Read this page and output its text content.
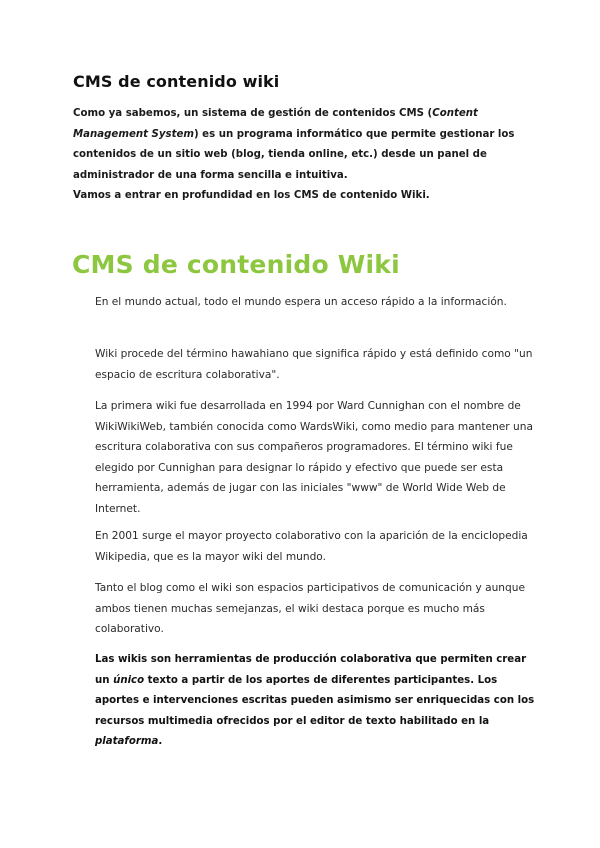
CMS de contenido wiki

Como ya sabemos, un sistema de gestión de contenidos CMS (Content Management System) es un programa informático que permite gestionar los contenidos de un sitio web (blog, tienda online, etc.) desde un panel de administrador de una forma sencilla e intuitiva.

Vamos a entrar en profundidad en los CMS de contenido Wiki.

CMS de contenido Wiki

En el mundo actual, todo el mundo espera un acceso rápido a la información.

Wiki procede del término hawahiano que significa rápido y está definido como "un espacio de escritura colaborativa".

La primera wiki fue desarrollada en 1994 por Ward Cunnighan con el nombre de WikiWikiWeb, también conocida como WardsWiki, como medio para mantener una escritura colaborativa con sus compañeros programadores. El término wiki fue elegido por Cunnighan para designar lo rápido y efectivo que puede ser esta herramienta, además de jugar con las iniciales "www" de World Wide Web de Internet.

En 2001 surge el mayor proyecto colaborativo con la aparición de la enciclopedia Wikipedia, que es la mayor wiki del mundo.

Tanto el blog como el wiki son espacios participativos de comunicación y aunque ambos tienen muchas semejanzas, el wiki destaca porque es mucho más colaborativo.

Las wikis son herramientas de producción colaborativa que permiten crear un único texto a partir de los aportes de diferentes participantes. Los aportes e intervenciones escritas pueden asimismo ser enriquecidas con los recursos multimedia ofrecidos por el editor de texto habilitado en la plataforma.
